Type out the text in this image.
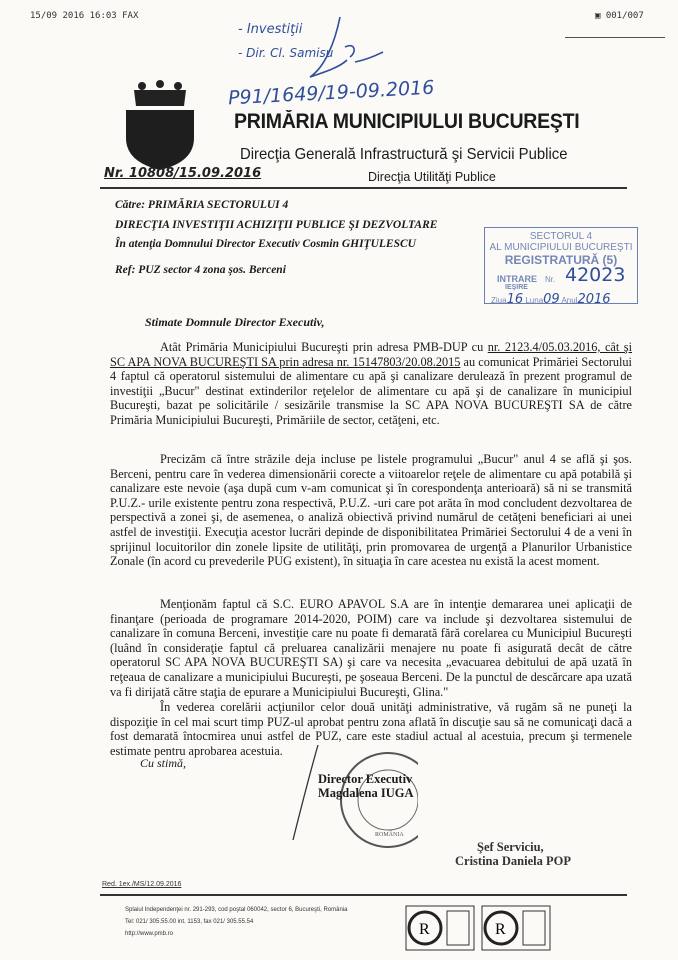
15/09 2016 16:03 FAX	▣ 001/007
- Investiţii
- Dir. Cl. Samisu
P91/1649/19-09.2016
PRIMĂRIA MUNICIPIULUI BUCUREŞTI
Direcţia Generală Infrastructură şi Servicii Publice
Nr. 10808/15.09.2016	Direcţia Utilităţi Publice
Către: PRIMĂRIA SECTORULUI 4
DIRECŢIA INVESTIŢII ACHIZIŢII PUBLICE ŞI DEZVOLTARE
În atenţia Domnului Director Executiv Cosmin GHIŢULESCU
Ref: PUZ sector 4 zona şos. Berceni
SECTORUL 4
AL MUNICIPIULUI BUCUREŞTI
REGISTRATURĂ (5)
INTRARE
IEŞIRE
Nr. 42023
Ziua16 Luna09 Anul2016
Stimate Domnule Director Executiv,
Atât Primăria Municipiului Bucureşti prin adresa PMB-DUP cu nr. 2123.4/05.03.2016, cât şi SC APA NOVA BUCUREŞTI SA prin adresa nr. 15147803/20.08.2015 au comunicat Primăriei Sectorului 4 faptul că operatorul sistemului de alimentare cu apă şi canalizare derulează în prezent programul de investiţii „Bucur" destinat extinderilor reţelelor de alimentare cu apă şi de canalizare în municipiul Bucureşti, bazat pe solicitările / sesizările transmise la SC APA NOVA BUCUREŞTI SA de către Primăria Municipiului Bucureşti, Primăriile de sector, cetăţeni, etc.
Precizăm că între străzile deja incluse pe listele programului „Bucur" anul 4 se află şi şos. Berceni, pentru care în vederea dimensionării corecte a viitoarelor reţele de alimentare cu apă potabilă şi canalizare este nevoie (aşa după cum v-am comunicat şi în corespondenţa anterioară) să ni se transmită P.U.Z.- urile existente pentru zona respectivă, P.U.Z. -uri care pot arăta în mod concludent dezvoltarea de perspectivă a zonei şi, de asemenea, o analiză obiectivă privind numărul de cetăţeni beneficiari ai unei astfel de investiţii. Execuţia acestor lucrări depinde de disponibilitatea Primăriei Sectorului 4 de a veni în sprijinul locuitorilor din zonele lipsite de utilităţi, prin promovarea de urgenţă a Planurilor Urbanistice Zonale (în acord cu prevederile PUG existent), în situaţia în care acestea nu există la acest moment.
Menţionăm faptul că S.C. EURO APAVOL S.A are în intenţie demararea unei aplicaţii de finanţare (perioada de programare 2014-2020, POIM) care va include şi dezvoltarea sistemului de canalizare în comuna Berceni, investiţie care nu poate fi demarată fără corelarea cu Municipiul Bucureşti (luând în consideraţie faptul că preluarea canalizării menajere nu poate fi asigurată decât de către operatorul SC APA NOVA BUCUREŞTI SA) şi care va necesita „evacuarea debitului de apă uzată în reţeaua de canalizare a municipiului Bucureşti, pe şoseaua Berceni. De la punctul de descărcare apa uzată va fi dirijată către staţia de epurare a Municipiului Bucureşti, Glina."
În vederea corelării acţiunilor celor două unităţi administrative, vă rugăm să ne puneţi la dispoziţie în cel mai scurt timp PUZ-ul aprobat pentru zona aflată în discuţie sau să ne comunicaţi dacă a fost demarată întocmirea unui astfel de PUZ, care este stadiul actual al acestuia, precum şi termenele estimate pentru aprobarea acestuia.
Cu stimă,
Director Executiv
Magdalena IUGA
ROMÂNIA
Şef Serviciu,
Cristina Daniela POP
Red. 1ex./MS/12.09.2016
Splaiul Independenţei nr. 291-293, cod poştal 060042, sector 6, Bucureşti, România
Tel: 021/ 305.55.00 int. 1153, fax 021/ 305.55.54
http://www.pmb.ro	R	R
